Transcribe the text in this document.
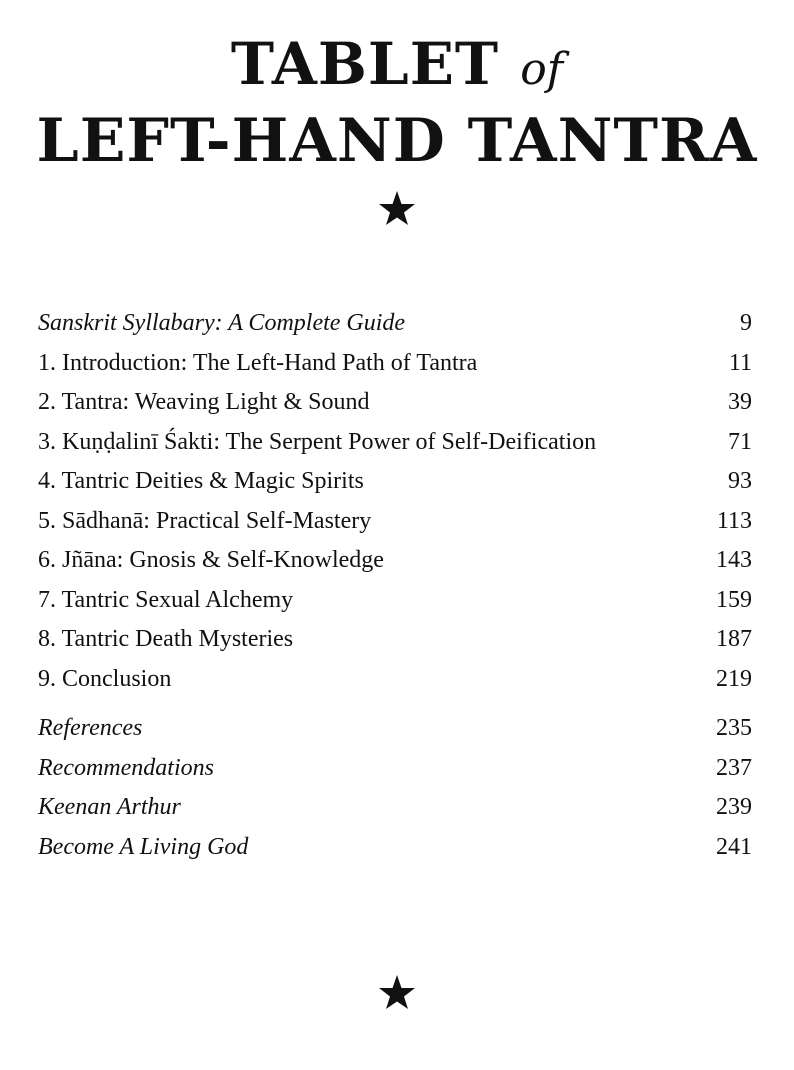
TABLET of
LEFT-HAND TANTRA
Sanskrit Syllabary: A Complete Guide	9
1. Introduction: The Left-Hand Path of Tantra	11
2. Tantra: Weaving Light & Sound	39
3. Kuṇḍalinī Śakti: The Serpent Power of Self-Deification	71
4. Tantric Deities & Magic Spirits	93
5. Sādhanā: Practical Self-Mastery	113
6. Jñāna: Gnosis & Self-Knowledge	143
7. Tantric Sexual Alchemy	159
8. Tantric Death Mysteries	187
9. Conclusion	219
References	235
Recommendations	237
Keenan Arthur	239
Become A Living God	241
